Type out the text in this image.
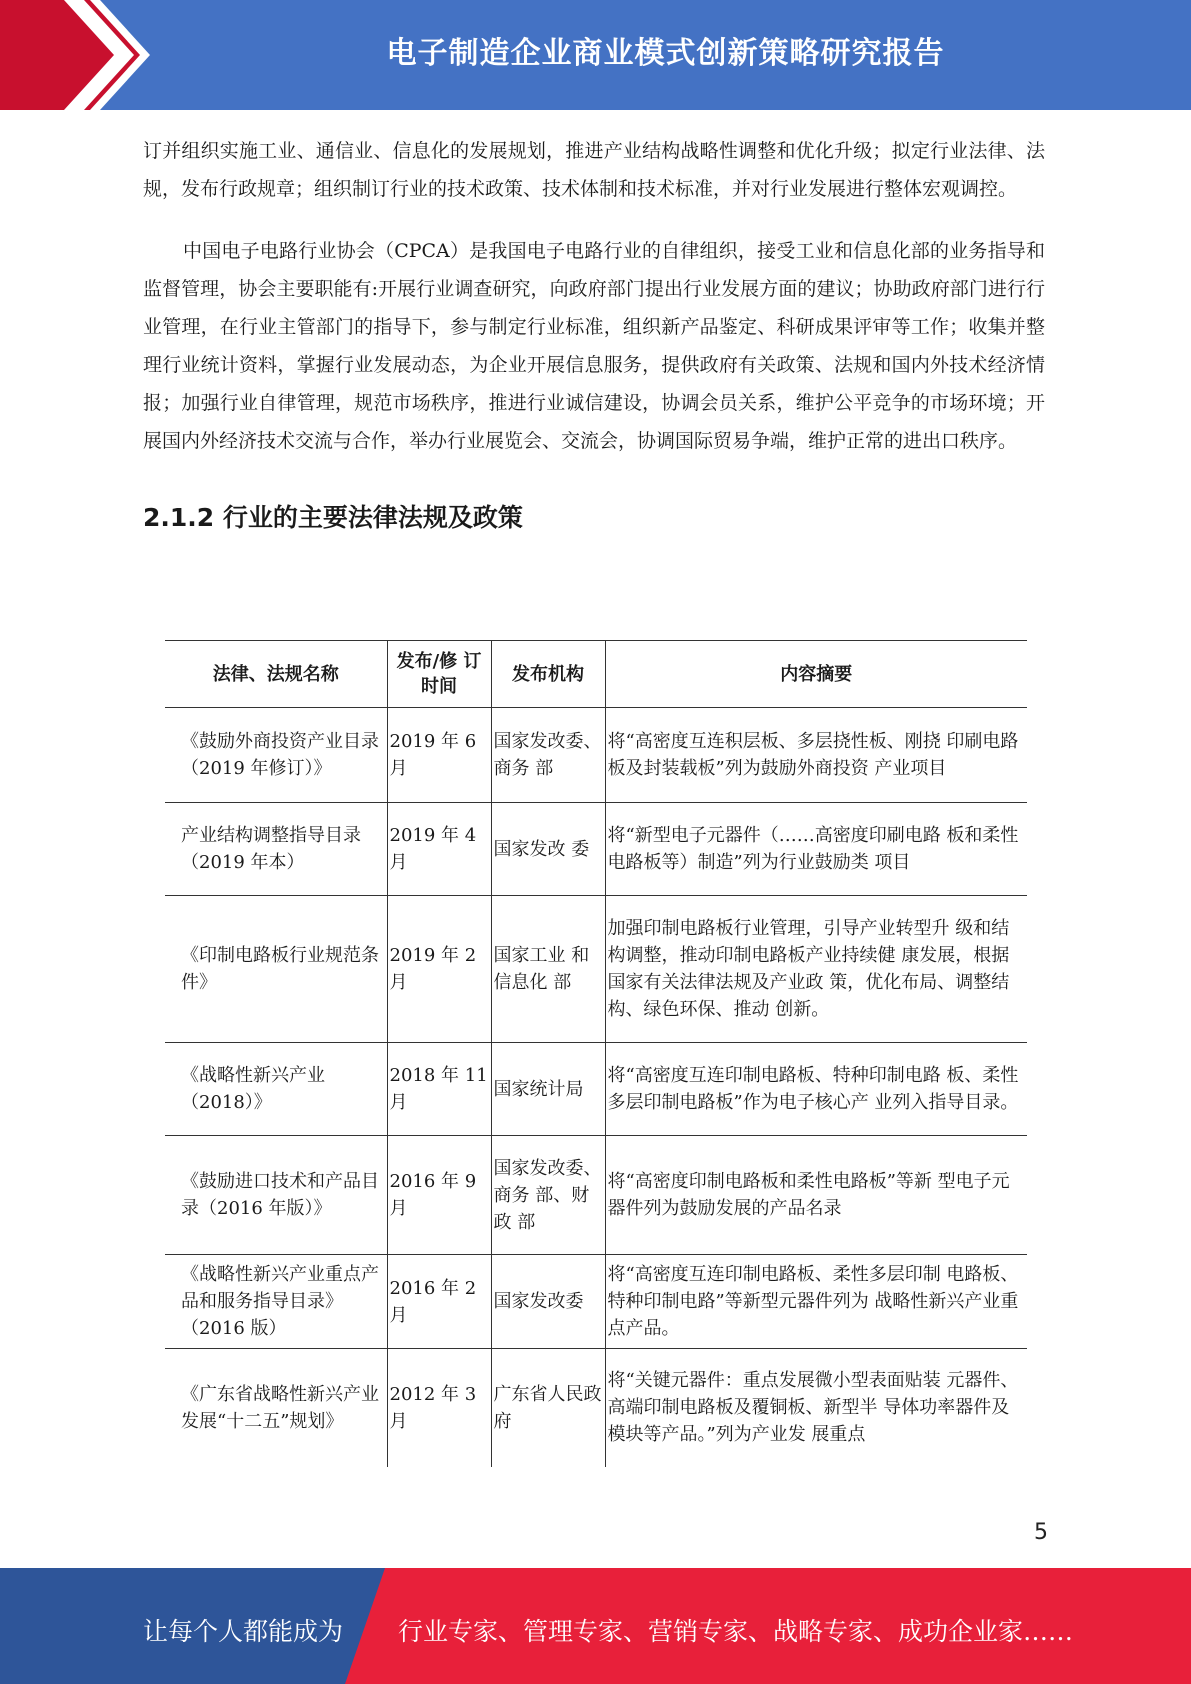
电子制造企业商业模式创新策略研究报告

订并组织实施工业、通信业、信息化的发展规划，推进产业结构战略性调整和优化升级；拟定行业法律、法规，发布行政规章；组织制订行业的技术政策、技术体制和技术标准，并对行业发展进行整体宏观调控。

中国电子电路行业协会（CPCA）是我国电子电路行业的自律组织，接受工业和信息化部的业务指导和监督管理，协会主要职能有:开展行业调查研究，向政府部门提出行业发展方面的建议；协助政府部门进行行业管理，在行业主管部门的指导下，参与制定行业标准，组织新产品鉴定、科研成果评审等工作；收集并整理行业统计资料，掌握行业发展动态，为企业开展信息服务，提供政府有关政策、法规和国内外技术经济情报；加强行业自律管理，规范市场秩序，推进行业诚信建设，协调会员关系，维护公平竞争的市场环境；开展国内外经济技术交流与合作，举办行业展览会、交流会，协调国际贸易争端，维护正常的进出口秩序。

2.1.2 行业的主要法律法规及政策
法律、法规名称	发布/修 订时间	发布机构	内容摘要
《鼓励外商投资产业目录（2019 年修订）》	2019 年 6 月	国家发改委、商务 部	将“高密度互连积层板、多层挠性板、刚挠 印刷电路板及封装载板”列为鼓励外商投资 产业项目
产业结构调整指导目录（2019 年本）	2019 年 4 月	国家发改 委	将“新型电子元器件（……高密度印刷电路 板和柔性电路板等）制造”列为行业鼓励类 项目
《印制电路板行业规范条件》	2019 年 2 月	国家工业 和信息化 部	加强印制电路板行业管理，引导产业转型升 级和结构调整，推动印制电路板产业持续健 康发展，根据国家有关法律法规及产业政 策，优化布局、调整结构、绿色环保、推动 创新。
《战略性新兴产业（2018）》	2018 年 11 月	国家统计局	将“高密度互连印制电路板、特种印制电路 板、柔性多层印制电路板”作为电子核心产 业列入指导目录。
《鼓励进口技术和产品目录（2016 年版）》	2016 年 9 月	国家发改委、商务 部、财政 部	将“高密度印制电路板和柔性电路板”等新 型电子元器件列为鼓励发展的产品名录
《战略性新兴产业重点产品和服务指导目录》（2016 版）	2016 年 2 月	国家发改委	将“高密度互连印制电路板、柔性多层印制 电路板、特种印制电路”等新型元器件列为 战略性新兴产业重点产品。
《广东省战略性新兴产业发展“十二五”规划》	2012 年 3 月	广东省人民政府	将“关键元器件：重点发展微小型表面贴装 元器件、高端印制电路板及覆铜板、新型半 导体功率器件及模块等产品。”列为产业发 展重点
5
让每个人都能成为 行业专家、管理专家、营销专家、战略专家、成功企业家……
